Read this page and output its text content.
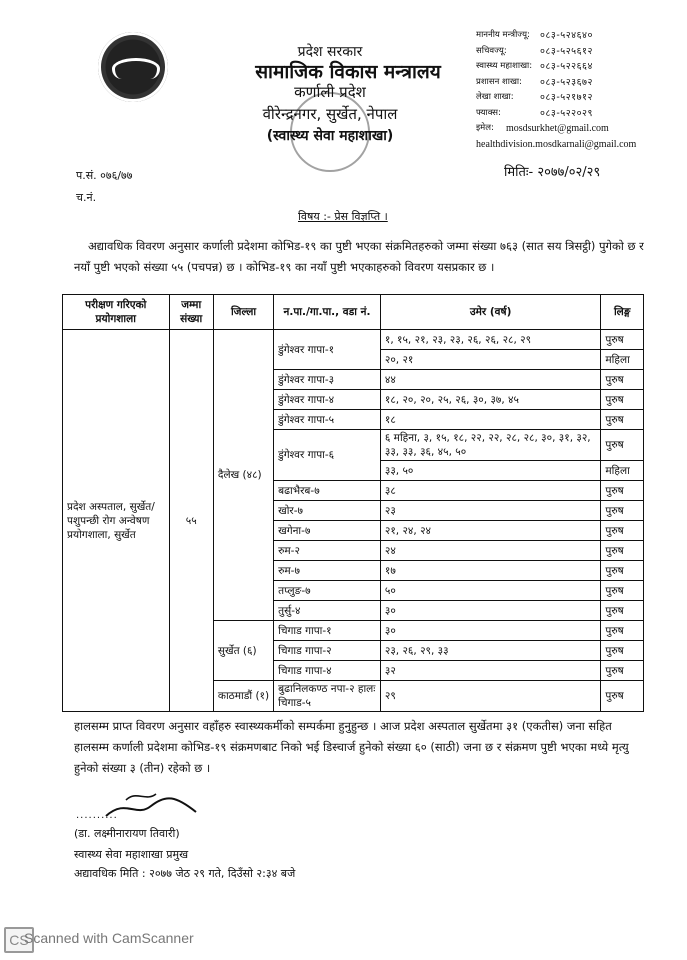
प्रदेश सरकार
सामाजिक विकास मन्त्रालय
कर्णाली प्रदेश
वीरेन्द्रनगर, सुर्खेत, नेपाल
(स्वास्थ्य सेवा महाशाखा)
माननीय मन्त्रीज्यू:	०८३-५२४६४०
सचिवज्यू:	०८३-५२५६१२
स्वास्थ्य महाशाखा: ०८३-५२२६६४
प्रशासन शाखा:	०८३-५२३६७२
लेखा शाखा:	०८३-५२१७१२
फ्याक्स:	०८३-५२२०२९
इमेल:	mosdsurkhet@gmail.com
healthdivision.mosdkarnali@gmail.com
प.सं. ०७६/७७
च.नं.
मितिः- २०७७/०२/२९
विषय :- प्रेस विज्ञप्ति ।
अद्यावधिक विवरण अनुसार कर्णाली प्रदेशमा कोभिड-१९ का पुष्टी भएका संक्रमितहरुको जम्मा संख्या ७६३ (सात सय त्रिसट्ठी) पुगेको छ र नयाँ पुष्टी भएको संख्या ५५ (पचपन्न) छ । कोभिड-१९ का नयाँ पुष्टी भएकाहरुको विवरण यसप्रकार छ ।
परीक्षण गरिएको प्रयोगशाला	जम्मा संख्या	जिल्ला	न.पा./गा.पा., वडा नं.	उमेर (वर्ष)	लिङ्ग
प्रदेश अस्पताल, सुर्खेत/ पशुपन्छी रोग अन्वेषण प्रयोगशाला, सुर्खेत	५५	दैलेख (४८)	डुंगेश्वर गापा-१	१, १५, २१, २३, २३, २६, २६, २८, २९	पुरुष
				२०, २१	महिला
			डुंगेश्वर गापा-३	४४	पुरुष
			डुंगेश्वर गापा-४	१८, २०, २०, २५, २६, ३०, ३७, ४५	पुरुष
			डुंगेश्वर गापा-५	१८	पुरुष
			डुंगेश्वर गापा-६	६ महिना, ३, १५, १८, २२, २२, २८, २८, ३०, ३१, ३२, ३३, ३३, ३६, ४५, ५०	पुरुष
				३३, ५०	महिला
			बढाभैरब-७	३८	पुरुष
			खोर-७	२३	पुरुष
			खगेना-७	२१, २४, २४	पुरुष
			रुम-२	२४	पुरुष
			रुम-७	१७	पुरुष
			तप्लुङ-७	५०	पुरुष
			तुर्सु-४	३०	पुरुष
		सुर्खेत (६)	चिगाड गापा-१	३०	पुरुष
			चिगाड गापा-२	२३, २६, २९, ३३	पुरुष
			चिगाड गापा-४	३२	पुरुष
		काठमाडौं (१)	बुढानिलकण्ठ नपा-२ हालः चिगाड-५	२९	पुरुष
हालसम्म प्राप्त विवरण अनुसार वहाँहरु स्वास्थ्यकर्मीको सम्पर्कमा हुनुहुन्छ । आज प्रदेश अस्पताल सुर्खेतमा ३१ (एकतीस) जना सहित हालसम्म कर्णाली प्रदेशमा कोभिड-१९ संक्रमणबाट निको भई डिस्चार्ज हुनेको संख्या ६० (साठी) जना छ र संक्रमण पुष्टी भएका मध्ये मृत्यु हुनेको संख्या ३ (तीन) रहेको छ ।
..........
(डा. लक्ष्मीनारायण तिवारी)
स्वास्थ्य सेवा महाशाखा प्रमुख
अद्यावधिक मिति : २०७७ जेठ २९ गते, दिउँसो २:३४ बजे
CS
Scanned with CamScanner
